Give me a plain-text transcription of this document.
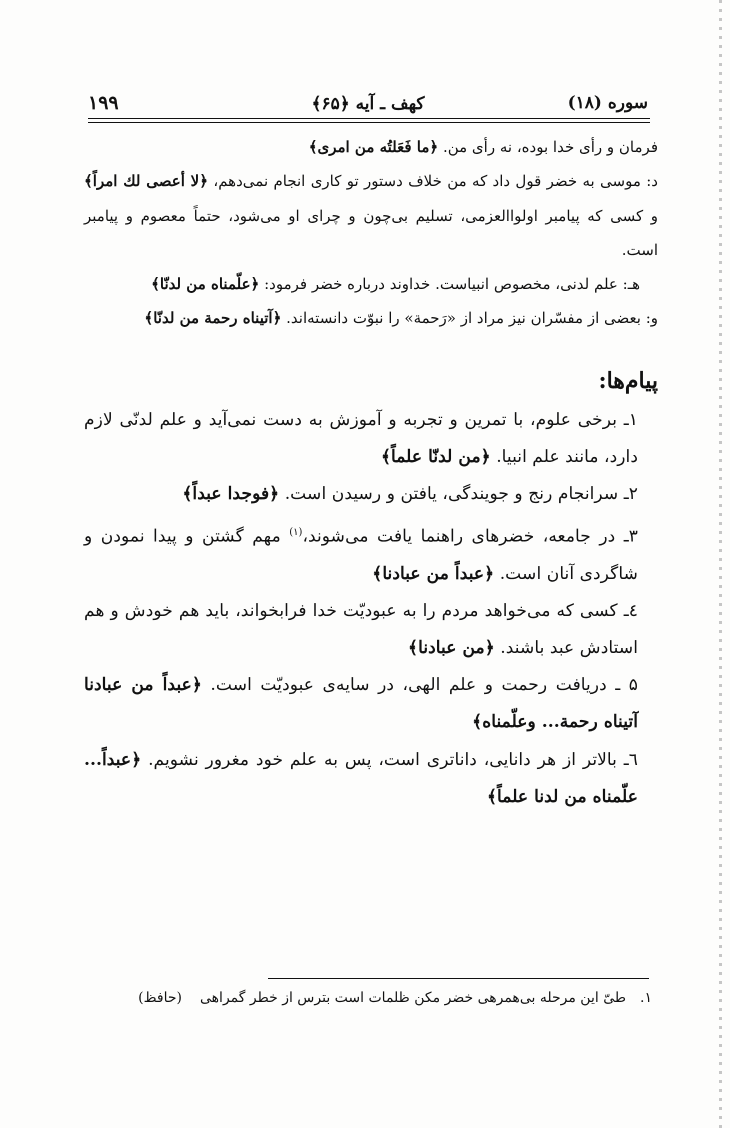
۱۹۹	کهف ـ آیه ﴿۶۵﴾	سوره (۱۸)

فرمان و رأی خدا بوده، نه رأی من. ﴿ما فَعَلتُه من امری﴾

د: موسی به خضر قول داد که من خلاف دستور تو کاری انجام نمی‌دهم، ﴿لا أعصی لك امراً﴾ و کسی که پیامبر اولواالعزمی، تسلیم بی‌چون و چرای او می‌شود، حتماً معصوم و پیامبر است.

هـ: علم لدنی، مخصوص انبیاست. خداوند درباره خضر فرمود: ﴿علّمناه من لدنّا﴾

و: بعضی از مفسّران نیز مراد از «رَحمة» را نبوّت دانسته‌اند. ﴿آتیناه رحمة من لدنّا﴾

پیام‌ها:

۱ـ برخی علوم، با تمرین و تجربه و آموزش به دست نمی‌آید و علم لدنّی لازم دارد، مانند علم انبیا. ﴿من لدنّا علماً﴾

۲ـ سرانجام رنج و جویندگی، یافتن و رسیدن است. ﴿فوجدا عبداً﴾

۳ـ در جامعه، خضرهای راهنما یافت می‌شوند،$^{(۱)}$ مهم گشتن و پیدا نمودن و شاگردی آنان است. ﴿عبداً من عبادنا﴾

٤ـ کسی که می‌خواهد مردم را به عبودیّت خدا فرابخواند، باید هم خودش و هم استادش عبد باشند. ﴿من عبادنا﴾

۵ ـ دریافت رحمت و علم الهی، در سایه‌ی عبودیّت است. ﴿عبداً من عبادنا آتیناه رحمة... وعلّمناه﴾

٦ـ بالاتر از هر دانایی، داناتری است، پس به علم خود مغرور نشویم. ﴿عبداً... علّمناه من لدنا علماً﴾

۱.طیّ این مرحله بی‌همرهی خضر مکن ظلمات است بترس از خطر گمراهی(حافظ)
